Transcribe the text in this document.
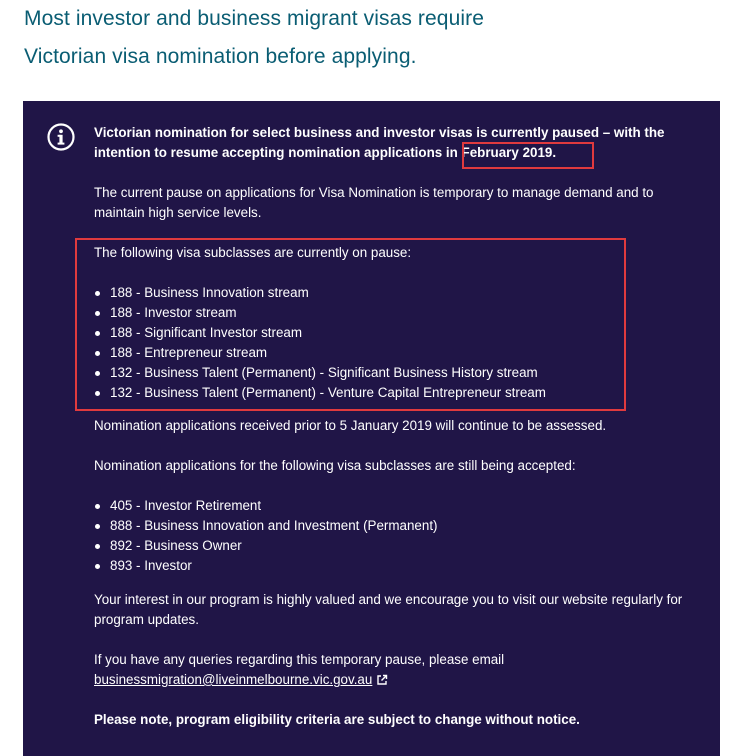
Most investor and business migrant visas require

Victorian visa nomination before applying.

Victorian nomination for select business and investor visas is currently paused – with the intention to resume accepting nomination applications in February 2019.

The current pause on applications for Visa Nomination is temporary to manage demand and to maintain high service levels.

The following visa subclasses are currently on pause:

188 - Business Innovation stream
188 - Investor stream
188 - Significant Investor stream
188 - Entrepreneur stream
132 - Business Talent (Permanent) - Significant Business History stream
132 - Business Talent (Permanent) - Venture Capital Entrepreneur stream

Nomination applications received prior to 5 January 2019 will continue to be assessed.

Nomination applications for the following visa subclasses are still being accepted:

405 - Investor Retirement
888 - Business Innovation and Investment (Permanent)
892 - Business Owner
893 - Investor

Your interest in our program is highly valued and we encourage you to visit our website regularly for program updates.

If you have any queries regarding this temporary pause, please email

businessmigration@liveinmelbourne.vic.gov.au

Please note, program eligibility criteria are subject to change without notice.
